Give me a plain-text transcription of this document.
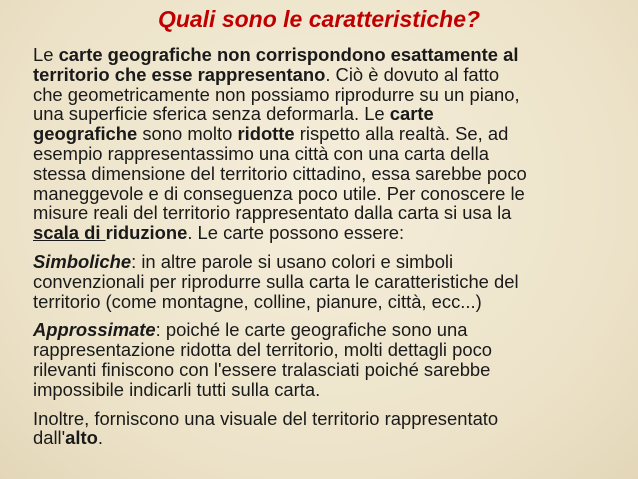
Quali sono le caratteristiche?

Le carte geografiche non corrispondono esattamente al
territorio che esse rappresentano. Ciò è dovuto al fatto
che geometricamente non possiamo riprodurre su un piano,
una superficie sferica senza deformarla. Le carte
geografiche sono molto ridotte rispetto alla realtà. Se, ad
esempio rappresentassimo una città con una carta della
stessa dimensione del territorio cittadino, essa sarebbe poco
maneggevole e di conseguenza poco utile. Per conoscere le
misure reali del territorio rappresentato dalla carta si usa la
scala di riduzione. Le carte possono essere:

Simboliche: in altre parole si usano colori e simboli
convenzionali per riprodurre sulla carta le caratteristiche del
territorio (come montagne, colline, pianure, città, ecc...)

Approssimate: poiché le carte geografiche sono una
rappresentazione ridotta del territorio, molti dettagli poco
rilevanti finiscono con l'essere tralasciati poiché sarebbe
impossibile indicarli tutti sulla carta.

Inoltre, forniscono una visuale del territorio rappresentato
dall'alto.
